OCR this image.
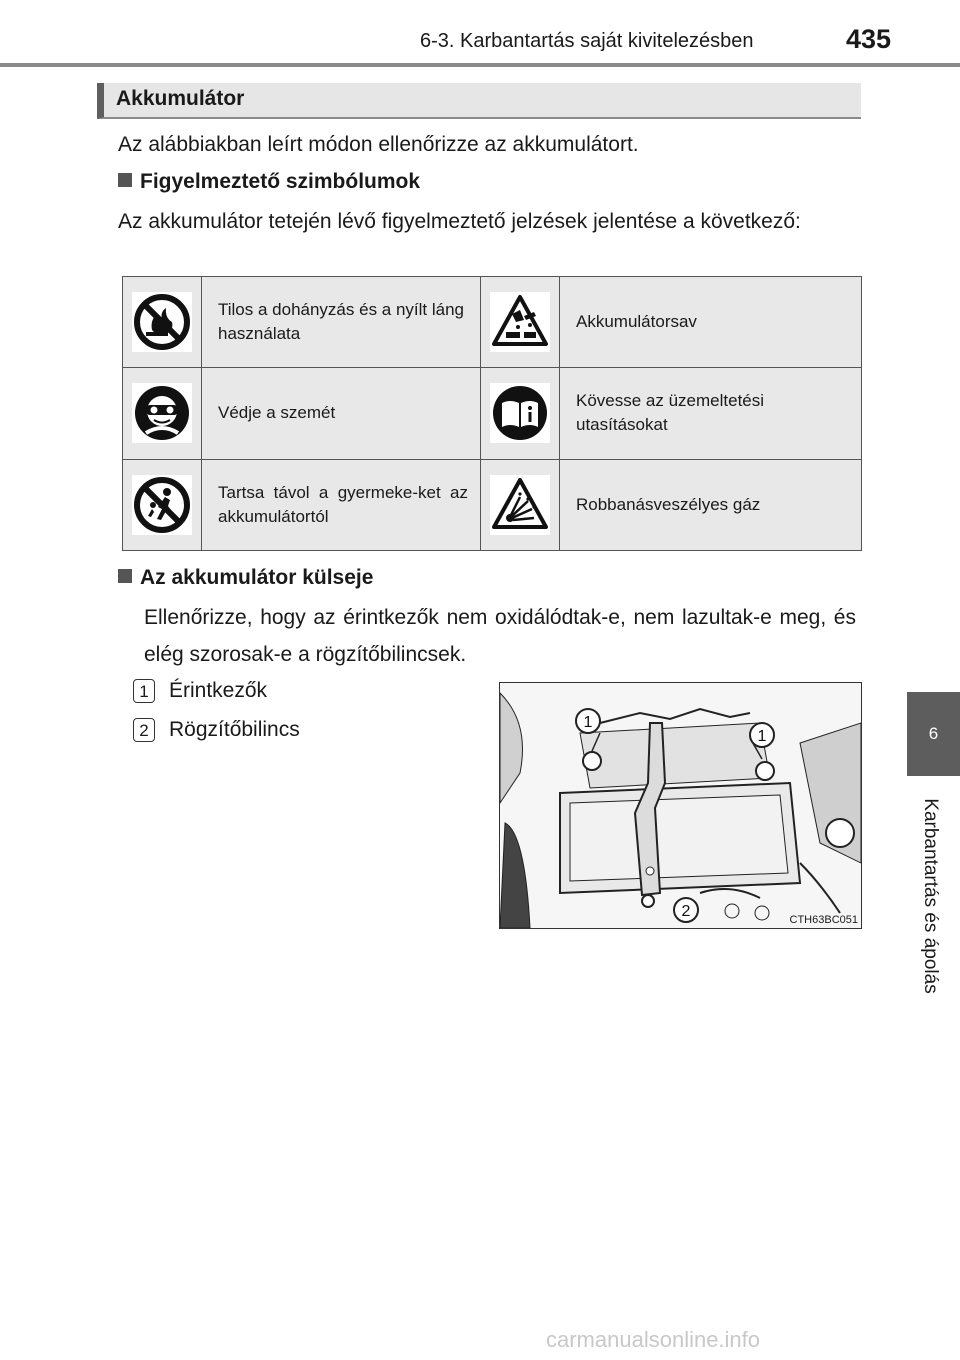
6-3. Karbantartás saját kivitelezésben	435
Akkumulátor
Az alábbiakban leírt módon ellenőrizze az akkumulátort.
Figyelmeztető szimbólumok
Az akkumulátor tetején lévő figyelmeztető jelzések jelentése a következő:
	Tilos a dohányzás és a nyílt láng használata		Akkumulátorsav

	Védje a szemét		Kövesse az üzemeltetési utasításokat

	Tartsa távol a gyermeke-ket az akkumulátortól		Robbanásveszélyes gáz
Az akkumulátor külseje
Ellenőrizze, hogy az érintkezők nem oxidálódtak-e, nem lazultak-e meg, és elég szorosak-e a rögzítőbilincsek.
1 Érintkezők
2 Rögzítőbilincs	1
1
2	CTH63BC051
6
Karbantartás és ápolás
carmanualsonline.info
